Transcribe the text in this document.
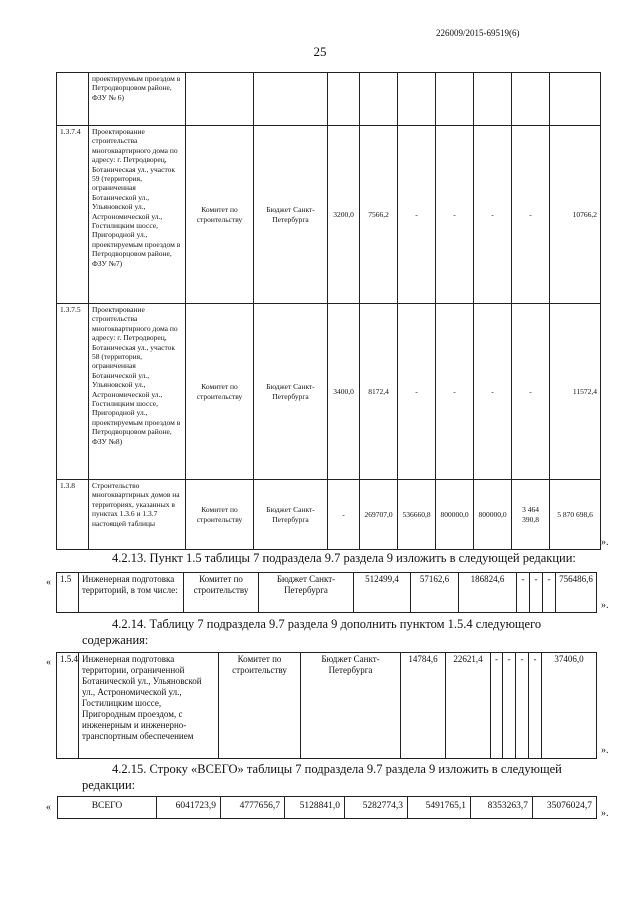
226009/2015-69519(6)
25
	проектируемым проездом в Петродворцовом районе, ФЗУ № 6)									
1.3.7.4	Проектирование строительства многоквартирного дома по адресу: г. Петродворец, Ботаническая ул., участок 59 (территория, ограниченная Ботанической ул., Ульяновской ул., Астрономической ул., Гостилицким шоссе, Пригородной ул., проектируемым проездом в Петродворцовом районе, ФЗУ №7)	Комитет по строительству	Бюджет Санкт-Петербурга	3200,0	7566,2	-	-	-	-	10766,2
1.3.7.5	Проектирование строительства многоквартирного дома по адресу: г. Петродворец, Ботаническая ул., участок 58 (территория, ограниченная Ботанической ул., Ульяновской ул., Астрономической ул., Гостилицким шоссе, Пригородной ул., проектируемым проездом в Петродворцовом районе, ФЗУ №8)	Комитет по строительству	Бюджет Санкт-Петербурга	3400,0	8172,4	-	-	-	-	11572,4
1.3.8	Строительство многоквартирных домов на территориях, указанных в пунктах 1.3.6 и 1.3.7 настоящей таблицы	Комитет по строительству	Бюджет Санкт-Петербурга	-	269707,0	536660,8	800000,0	800000,0	3 464 390,8	5 870 698,6
».
4.2.13. Пункт 1.5 таблицы 7 подраздела 9.7 раздела 9 изложить в следующей редакции:
« 1.5	Инженерная подготовка территорий, в том числе:	Комитет по строительству	Бюджет Санкт-Петербурга	512499,4	57162,6	186824,6	-	-	-	756486,6
».
4.2.14. Таблицу 7 подраздела 9.7 раздела 9 дополнить пунктом 1.5.4 следующего
содержания:
« 1.5.4	Инженерная подготовка территории, ограниченной Ботанической ул., Ульяновской ул., Астрономической ул., Гостилицким шоссе, Пригородным проездом, с инженерным и инженерно-транспортным обеспечением	Комитет по строительству	Бюджет Санкт-Петербурга	14784,6	22621,4	-	-	-	-	37406,0
».
4.2.15. Строку «ВСЕГО» таблицы 7 подраздела 9.7 раздела 9 изложить в следующей
редакции:
«	ВСЕГО	6041723,9	4777656,7	5128841,0	5282774,3	5491765,1	8353263,7	35076024,7
».
